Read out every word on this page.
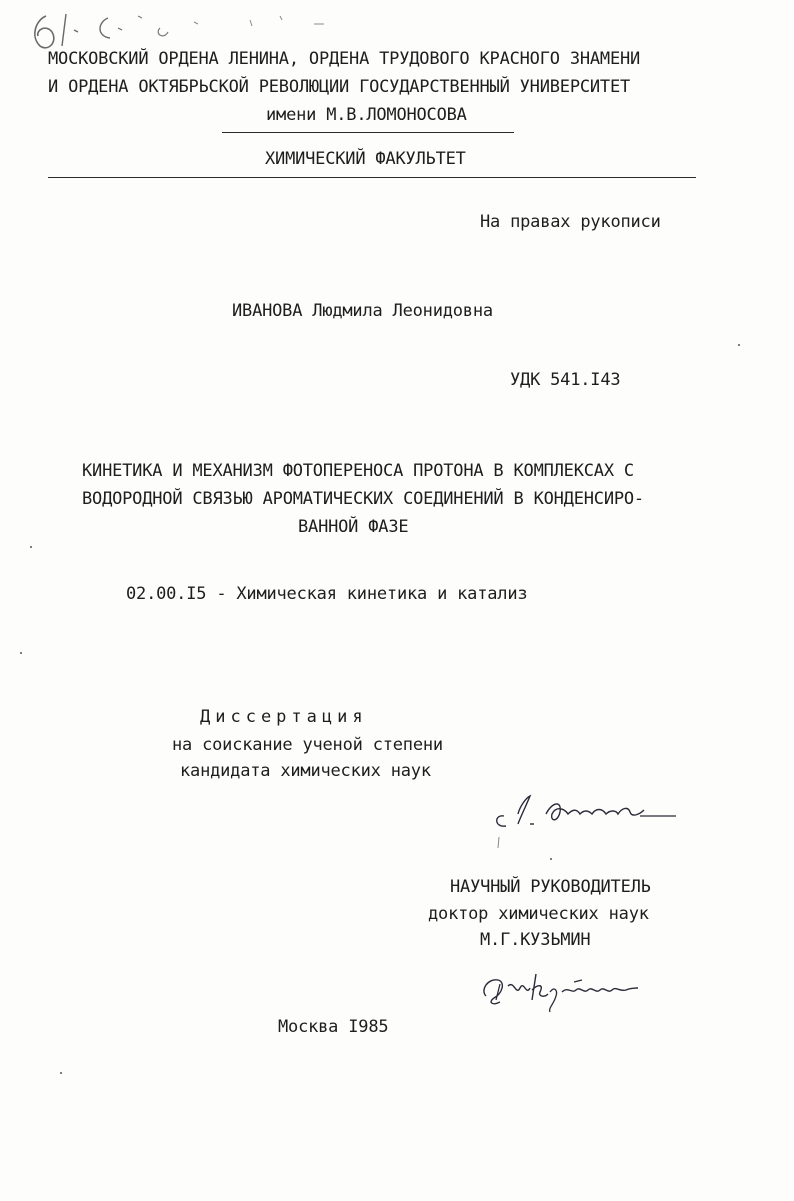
МОСКОВСКИЙ ОРДЕНА ЛЕНИНА, ОРДЕНА ТРУДОВОГО КРАСНОГО ЗНАМЕНИ
И ОРДЕНА ОКТЯБРЬСКОЙ РЕВОЛЮЦИИ ГОСУДАРСТВЕННЫЙ УНИВЕРСИТЕТ
имени М.В.ЛОМОНОСОВА
ХИМИЧЕСКИЙ ФАКУЛЬТЕТ
На правах рукописи
ИВАНОВА Людмила Леонидовна
УДК 541.I43
КИНЕТИКА И МЕХАНИЗМ ФОТОПЕРЕНОСА ПРОТОНА В КОМПЛЕКСАХ С
ВОДОРОДНОЙ СВЯЗЬЮ АРОМАТИЧЕСКИХ СОЕДИНЕНИЙ В КОНДЕНСИРО-
ВАННОЙ ФАЗЕ
02.00.I5 - Химическая кинетика и катализ
Диссертация
на соискание ученой степени
кандидата химических наук
НАУЧНЫЙ РУКОВОДИТЕЛЬ
доктор химических наук
М.Г.КУЗЬМИН
Москва I985
